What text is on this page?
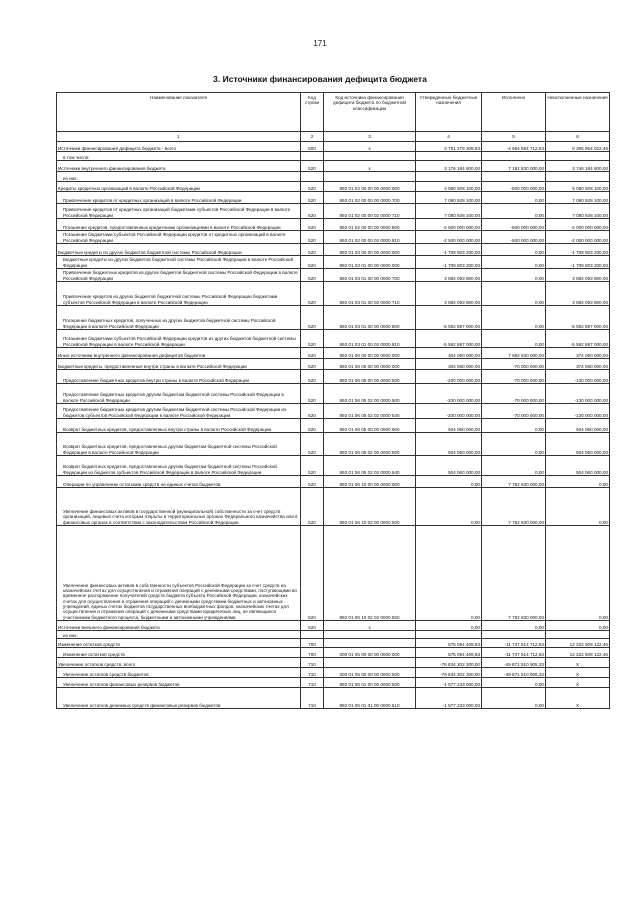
171
3. Источники финансирования дефицита бюджета
Наименование показателя	Код строки	Код источника финансирования дефицита бюджета по бюджетной классификации	Утвержденные бюджетные назначения	Исполнено	Неисполненные назначения
1	2	3	4	5	6
Источники финансирования дефицита бюджета - всего	500	x	3 751 279 309,83	-4 554 684 712,63	8 305 964 022,46

в том числе:					

Источники внутреннего финансирования бюджета	520	x	3 176 184 900,00	7 192 830 000,00	3 746 184 900,00

из них:					

Кредиты кредитных организаций в валюте Российской Федерации	520	892 01 02 00 00 00 0000 000	4 580 928 100,00	-500 000 000,00	5 080 928 100,00

Привлечение кредитов от кредитных организаций в валюте Российской Федерации	520	892 01 02 00 00 00 0000 700	7 080 928 100,00	0,00	7 080 928 100,00

Привлечение кредитов от кредитных организаций бюджетами субъектов Российской Федерации в валюте Российской Федерации	520	892 01 02 00 00 02 0000 710	7 080 928 100,00	0,00	7 080 928 100,00

Погашение кредитов, предоставленных кредитными организациями в валюте Российской Федерации	520	892 01 02 00 00 00 0000 800	-2 500 000 000,00	-500 000 000,00	-2 000 000 000,00

Погашение бюджетами субъектов Российской Федерации кредитов от кредитных организаций в валюте Российской Федерации	520	892 01 02 00 00 02 0000 810	-2 500 000 000,00	-500 000 000,00	-2 000 000 000,00
Бюджетные кредиты из других бюджетов бюджетной системы Российской Федерации	520	892 01 03 00 00 00 0000 000	-1 708 803 200,00	0,00	-1 708 803 200,00

Бюджетные кредиты из других бюджетов бюджетной системы Российской Федерации в валюте Российской Федерации	520	892 01 03 01 00 00 0000 000	-1 708 803 200,00	0,00	-1 708 803 200,00

Привлечение бюджетных кредитов из других бюджетов бюджетной системы Российской Федерации в валюте Российской Федерации	520	892 01 03 01 00 00 0000 700	3 884 093 800,00	0,00	3 884 093 800,00

Привлечение кредитов из других бюджетов бюджетной системы Российской Федерации бюджетами субъектов Российской Федерации в валюте Российской Федерации	520	892 01 03 01 00 02 0000 710	3 884 093 800,00	0,00	3 884 093 800,00

Погашение бюджетных кредитов, полученных из других бюджетов бюджетной системы Российской Федерации в валюте Российской Федерации	520	892 01 03 01 00 00 0000 800	-5 592 897 000,00	0,00	-5 592 897 000,00

Погашение бюджетами субъектов Российской Федерации кредитов из других бюджетов бюджетной системы Российской Федерации в валюте Российской Федерации	520	892 01 03 01 00 02 0000 810	-5 592 897 000,00	0,00	-5 592 897 000,00
Иные источники внутреннего финансирования дефицитов бюджетов	520	892 01 06 00 00 00 0000 000	304 060 000,00	7 692 830 000,00	374 060 000,00
Бюджетные кредиты, предоставленные внутри страны в валюте Российской Федерации	520	892 01 06 05 00 00 0000 000	304 060 000,00	-70 000 000,00	374 060 000,00

Предоставление бюджетных кредитов внутри страны в валюте Российской Федерации	520	892 01 06 05 00 00 0000 500	-200 000 000,00	-70 000 000,00	-130 000 000,00

Предоставление бюджетных кредитов другим бюджетам бюджетной системы Российской Федерации в валюте Российской Федерации	520	892 01 06 05 02 00 0000 500	-200 000 000,00	-70 000 000,00	-130 000 000,00

Предоставление бюджетных кредитов другим бюджетам бюджетной системы Российской Федерации из бюджетов субъектов Российской Федерации в валюте Российской Федерации	520	892 01 06 05 02 02 0000 540	-200 000 000,00	-70 000 000,00	-130 000 000,00

Возврат бюджетных кредитов, предоставленных внутри страны в валюте Российской Федерации	520	892 01 06 05 00 00 0000 600	504 060 000,00	0,00	504 060 000,00

Возврат бюджетных кредитов, предоставленных другим бюджетам бюджетной системы Российской Федерации в валюте Российской Федерации	520	892 01 06 05 02 00 0000 600	504 060 000,00	0,00	504 060 000,00

Возврат бюджетных кредитов, предоставленных другим бюджетам бюджетной системы Российской Федерации из бюджетов субъектов Российской Федерации в валюте Российской Федерации	520	892 01 06 05 02 02 0000 640	504 060 000,00	0,00	504 060 000,00

Операции по управлению остатками средств на единых счетах бюджетов	520	892 01 06 10 00 00 0000 000	0,00	7 762 830 000,00	0,00

Увеличение финансовых активов в государственной (муниципальной) собственности за счет средств организаций, лицевые счета которым открыты в территориальных органах Федерального казначейства или в финансовых органах в соответствии с законодательством Российской Федерации	520	892 01 06 10 02 00 0000 500	0,00	7 762 830 000,00	0,00

Увеличение финансовых активов в собственности субъектов Российской Федерации за счет средств на казначейских счетах для осуществления и отражения операций с денежными средствами, поступающими во временное распоряжение получателей средств бюджета субъекта Российской Федерации, казначейских счетах для осуществления и отражения операций с денежными средствами бюджетных и автономных учреждений, единых счетах бюджетов государственных внебюджетных фондов, казначейских счетах для осуществления и отражения операций с денежными средствами юридических лиц, не являющихся участниками бюджетного процесса, бюджетными и автономными учреждениями	520	892 01 06 10 02 02 0000 550	0,00	7 762 830 000,00	0,00
Источники внешнего финансирования бюджета	620	x	0,00	0,00	0,00

из них:					

Изменение остатков средств	700		575 094 409,83	-11 747 514 712,63	12 322 609 122,46

Изменение остатков средств	700	000 01 05 00 00 00 0000 000	575 094 409,83	-11 747 514 712,63	12 322 609 122,46
Увеличение остатков средств, всего	710		-76 834 302 300,00	-49 871 510 905,33	X

Увеличение остатков средств бюджетов	710	000 01 05 00 00 00 0000 500	-76 834 302 300,00	-49 871 510 905,33	X

Увеличение остатков финансовых резервов бюджетов	710	892 01 05 01 00 00 0000 500	-1 577 233 000,00	0,00	X

Увеличение остатков денежных средств финансовых резервов бюджетов	710	892 01 05 01 01 00 0000 510	-1 577 233 000,00	0,00	X
